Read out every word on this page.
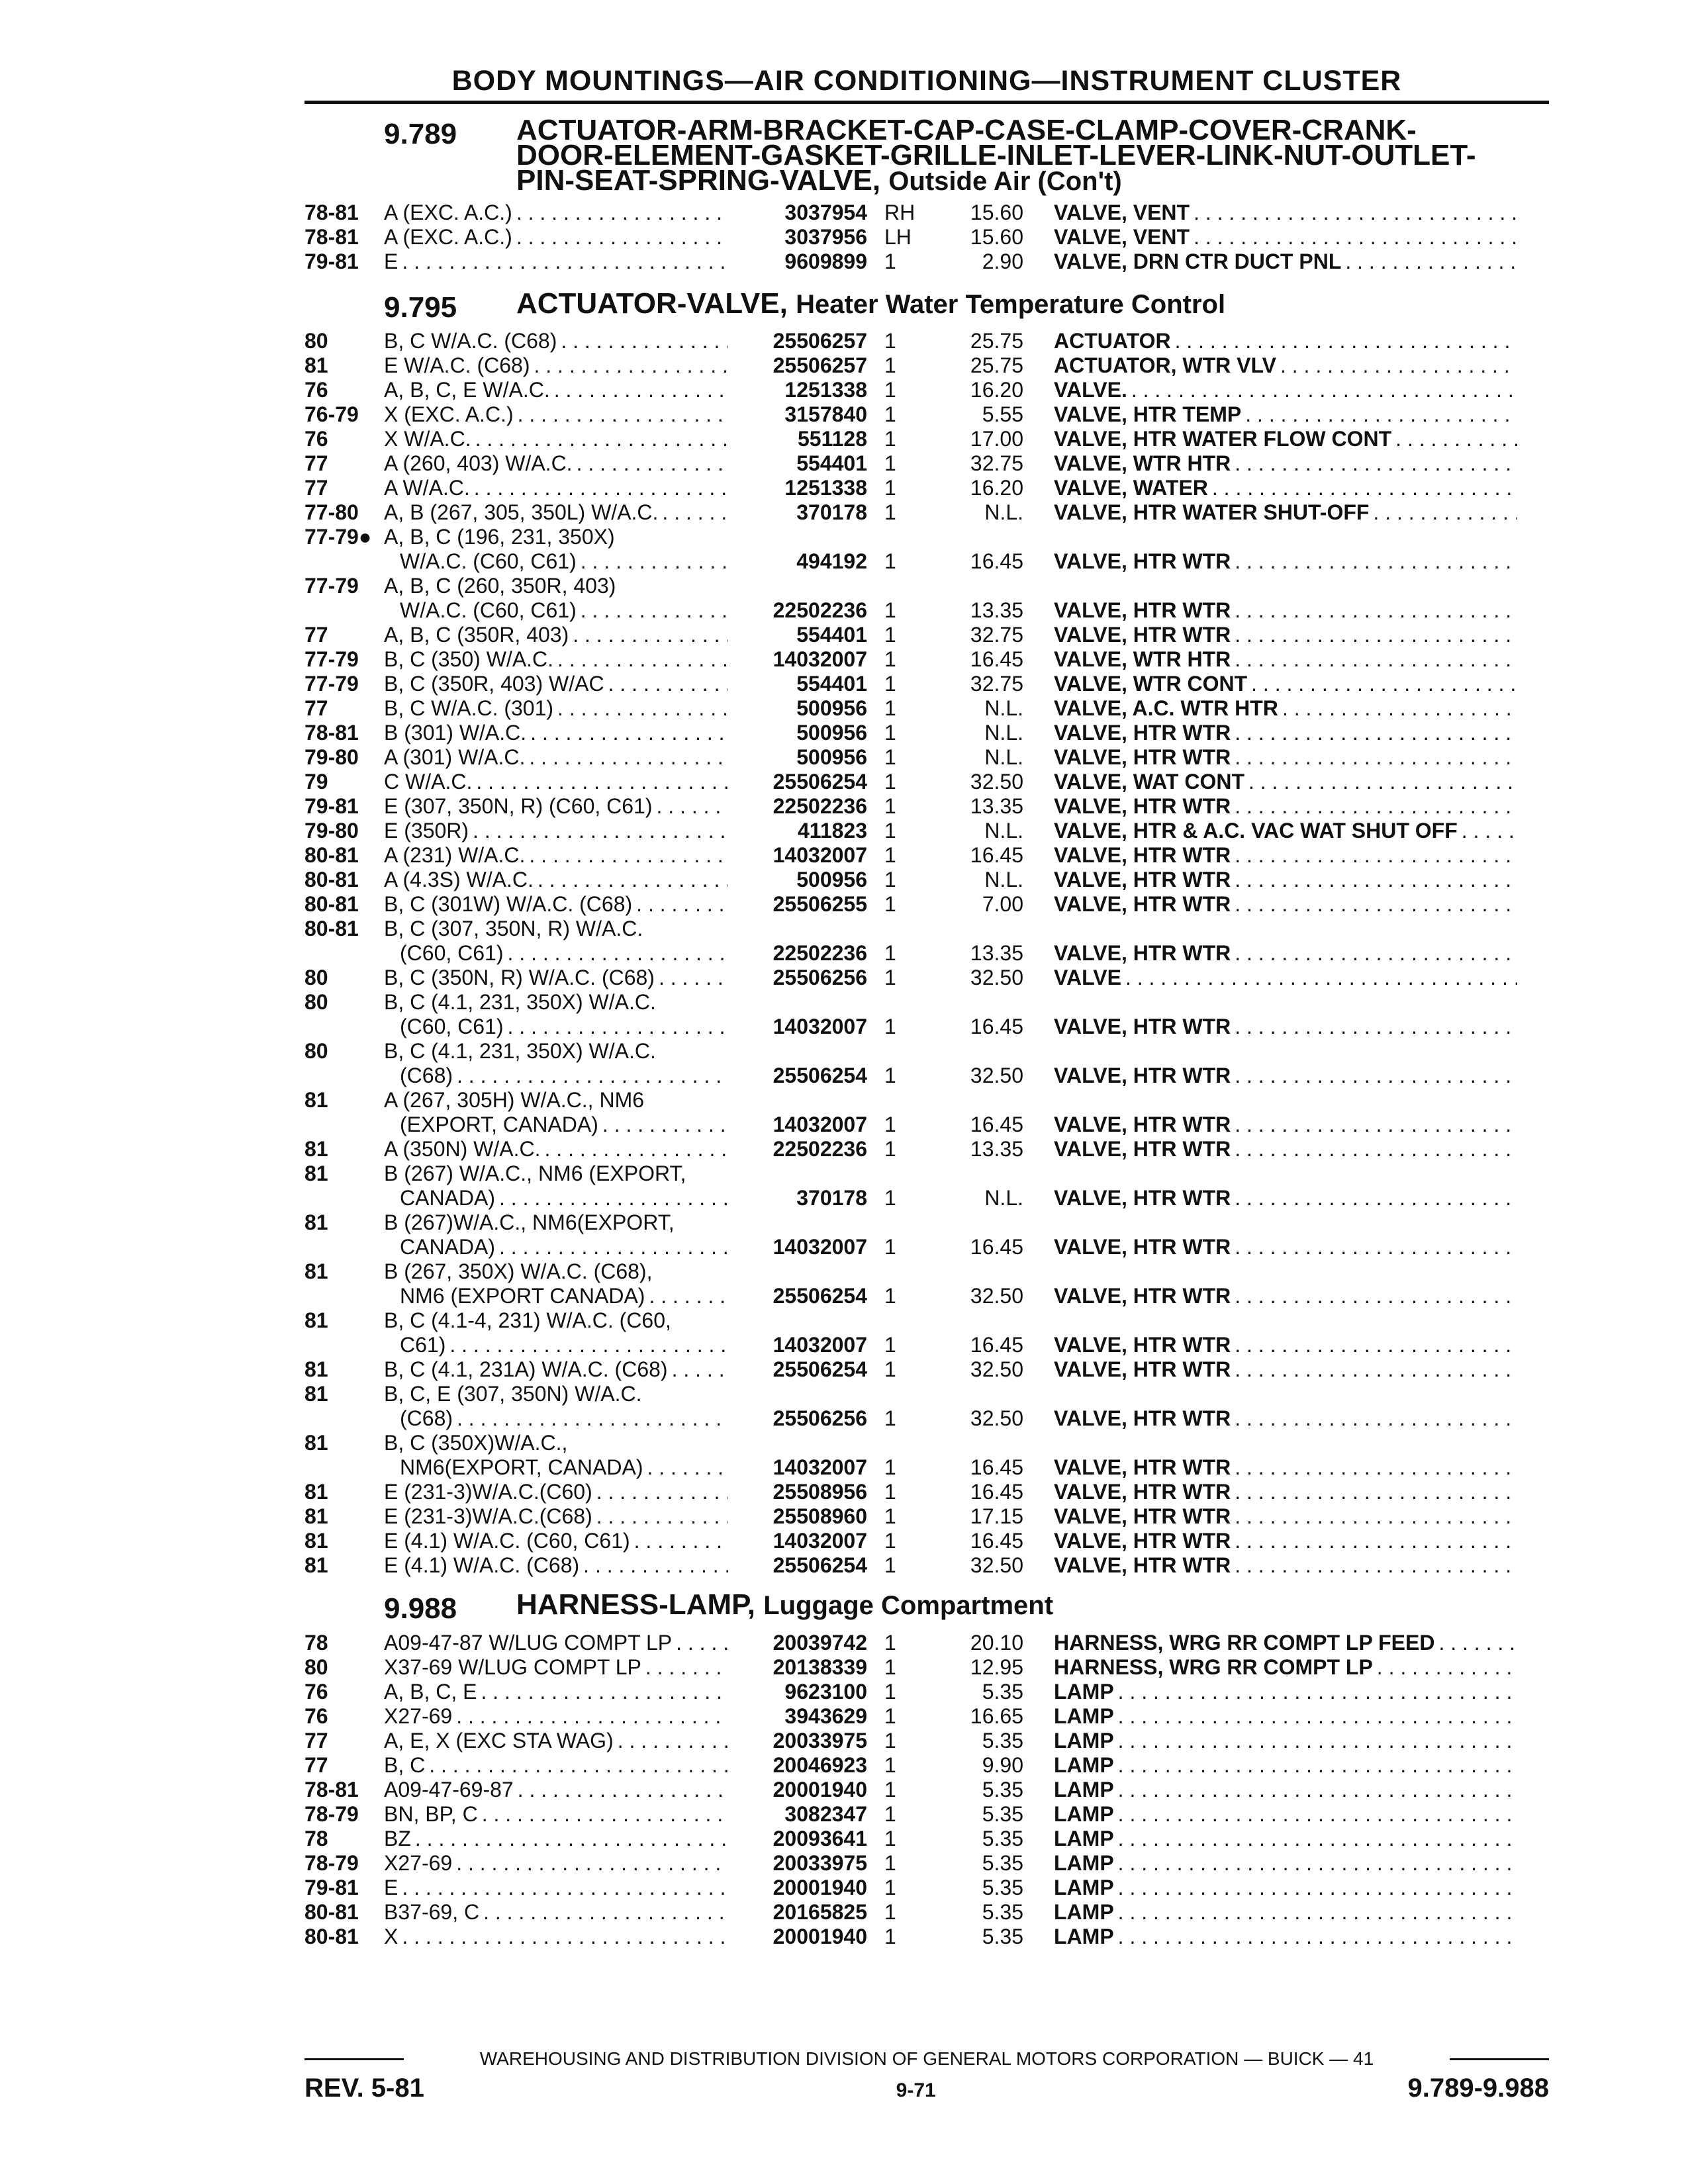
BODY MOUNTINGS—AIR CONDITIONING—INSTRUMENT CLUSTER
9.789	ACTUATOR-ARM-BRACKET-CAP-CASE-CLAMP-COVER-CRANK-
DOOR-ELEMENT-GASKET-GRILLE-INLET-LEVER-LINK-NUT-OUTLET-
PIN-SEAT-SPRING-VALVE, Outside Air (Con't)
78-81	A (EXC. A.C.) . . .	3037954 RH	15.60 VALVE, VENT
. . .
78-81	A (EXC. A.C.) . . .	3037956 LH	15.60 VALVE, VENT
. . .
79-81	E . . .	9609899 1	2.90 VALVE, DRN CTR DUCT PNL
. . .
9.795	ACTUATOR-VALVE, Heater Water Temperature Control
80	B, C W/A.C. (C68) . . .	25506257 1	25.75 ACTUATOR
. . .
81	E W/A.C. (C68) . . .	25506257 1	25.75 ACTUATOR, WTR VLV
. . .
76	A, B, C, E W/A.C. . . .	1251338 1	16.20 VALVE.
. . .
76-79	X (EXC. A.C.) . . .	3157840 1	5.55 VALVE, HTR TEMP
. . .
76	X W/A.C. . . .	551128 1	17.00 VALVE, HTR WATER FLOW CONT
. . .
77	A (260, 403) W/A.C. . . .	554401 1	32.75 VALVE, WTR HTR
. . .
77	A W/A.C. . . .	1251338 1	16.20 VALVE, WATER
. . .
77-80	A, B (267, 305, 350L) W/A.C. . . .	370178 1	N.L. VALVE, HTR WATER SHUT-OFF
. . .
77-79● A, B, C (196, 231, 350X)
W/A.C. (C60, C61) . . .	494192 1	16.45 VALVE, HTR WTR
. . .
77-79	A, B, C (260, 350R, 403)
W/A.C. (C60, C61) . . .	22502236 1	13.35 VALVE, HTR WTR
. . .
77	A, B, C (350R, 403) . . .	554401 1	32.75 VALVE, HTR WTR
. . .
77-79	B, C (350) W/A.C. . . .	14032007 1	16.45 VALVE, WTR HTR
. . .
77-79	B, C (350R, 403) W/AC . . .	554401 1	32.75 VALVE, WTR CONT
. . .
77	B, C W/A.C. (301) . . .	500956 1	N.L. VALVE, A.C. WTR HTR
. . .
78-81	B (301) W/A.C. . . .	500956 1	N.L. VALVE, HTR WTR
. . .
79-80	A (301) W/A.C. . . .	500956 1	N.L. VALVE, HTR WTR
. . .
79	C W/A.C. . . .	25506254 1	32.50 VALVE, WAT CONT
. . .
79-81	E (307, 350N, R) (C60, C61) . . .	22502236 1	13.35 VALVE, HTR WTR
. . .
79-80	E (350R) . . .	411823 1	N.L. VALVE, HTR & A.C. VAC WAT SHUT OFF
. . .
80-81	A (231) W/A.C. . . .	14032007 1	16.45 VALVE, HTR WTR
. . .
80-81	A (4.3S) W/A.C. . . .	500956 1	N.L. VALVE, HTR WTR
. . .
80-81	B, C (301W) W/A.C. (C68) . . .	25506255 1	7.00 VALVE, HTR WTR
. . .
80-81	B, C (307, 350N, R) W/A.C.
(C60, C61) . . .	22502236 1	13.35 VALVE, HTR WTR
. . .
80	B, C (350N, R) W/A.C. (C68) . . .	25506256 1	32.50 VALVE
. . .
80	B, C (4.1, 231, 350X) W/A.C.
(C60, C61) . . .	14032007 1	16.45 VALVE, HTR WTR
. . .
80	B, C (4.1, 231, 350X) W/A.C.
(C68) . . .	25506254 1	32.50 VALVE, HTR WTR
. . .
81	A (267, 305H) W/A.C., NM6
(EXPORT, CANADA) . . .	14032007 1	16.45 VALVE, HTR WTR
. . .
81	A (350N) W/A.C. . . .	22502236 1	13.35 VALVE, HTR WTR
. . .
81	B (267) W/A.C., NM6 (EXPORT,
CANADA) . . .	370178 1	N.L. VALVE, HTR WTR
. . .
81	B (267)W/A.C., NM6(EXPORT,
CANADA) . . .	14032007 1	16.45 VALVE, HTR WTR
. . .
81	B (267, 350X) W/A.C. (C68),
NM6 (EXPORT CANADA) . . .	25506254 1	32.50 VALVE, HTR WTR
. . .
81	B, C (4.1-4, 231) W/A.C. (C60,
C61) . . .	14032007 1	16.45 VALVE, HTR WTR
. . .
81	B, C (4.1, 231A) W/A.C. (C68) . . .	25506254 1	32.50 VALVE, HTR WTR
. . .
81	B, C, E (307, 350N) W/A.C.
(C68) . . .	25506256 1	32.50 VALVE, HTR WTR
. . .
81	B, C (350X)W/A.C.,
NM6(EXPORT, CANADA) . . .	14032007 1	16.45 VALVE, HTR WTR
. . .
81	E (231-3)W/A.C.(C60) . . .	25508956 1	16.45 VALVE, HTR WTR
. . .
81	E (231-3)W/A.C.(C68) . . .	25508960 1	17.15 VALVE, HTR WTR
. . .
81	E (4.1) W/A.C. (C60, C61) . . .	14032007 1	16.45 VALVE, HTR WTR
. . .
81	E (4.1) W/A.C. (C68) . . .	25506254 1	32.50 VALVE, HTR WTR
. . .
9.988	HARNESS-LAMP, Luggage Compartment
78	A09-47-87 W/LUG COMPT LP . . .	20039742 1	20.10 HARNESS, WRG RR COMPT LP FEED
. . .
80	X37-69 W/LUG COMPT LP . . .	20138339 1	12.95 HARNESS, WRG RR COMPT LP
. . .
76	A, B, C, E . . .	9623100 1	5.35 LAMP
. . .
76	X27-69 . . .	3943629 1	16.65 LAMP
. . .
77	A, E, X (EXC STA WAG) . . .	20033975 1	5.35 LAMP
. . .
77	B, C . . .	20046923 1	9.90 LAMP
. . .
78-81	A09-47-69-87 . . .	20001940 1	5.35 LAMP
. . .
78-79	BN, BP, C . . .	3082347 1	5.35 LAMP
. . .
78	BZ . . .	20093641 1	5.35 LAMP
. . .
78-79	X27-69 . . .	20033975 1	5.35 LAMP
. . .
79-81	E . . .	20001940 1	5.35 LAMP
. . .
80-81	B37-69, C . . .	20165825 1	5.35 LAMP
. . .
80-81	X . . .	20001940 1	5.35 LAMP
. . .
WAREHOUSING AND DISTRIBUTION DIVISION OF GENERAL MOTORS CORPORATION — BUICK — 41
REV. 5-81	9-71	9.789-9.988
